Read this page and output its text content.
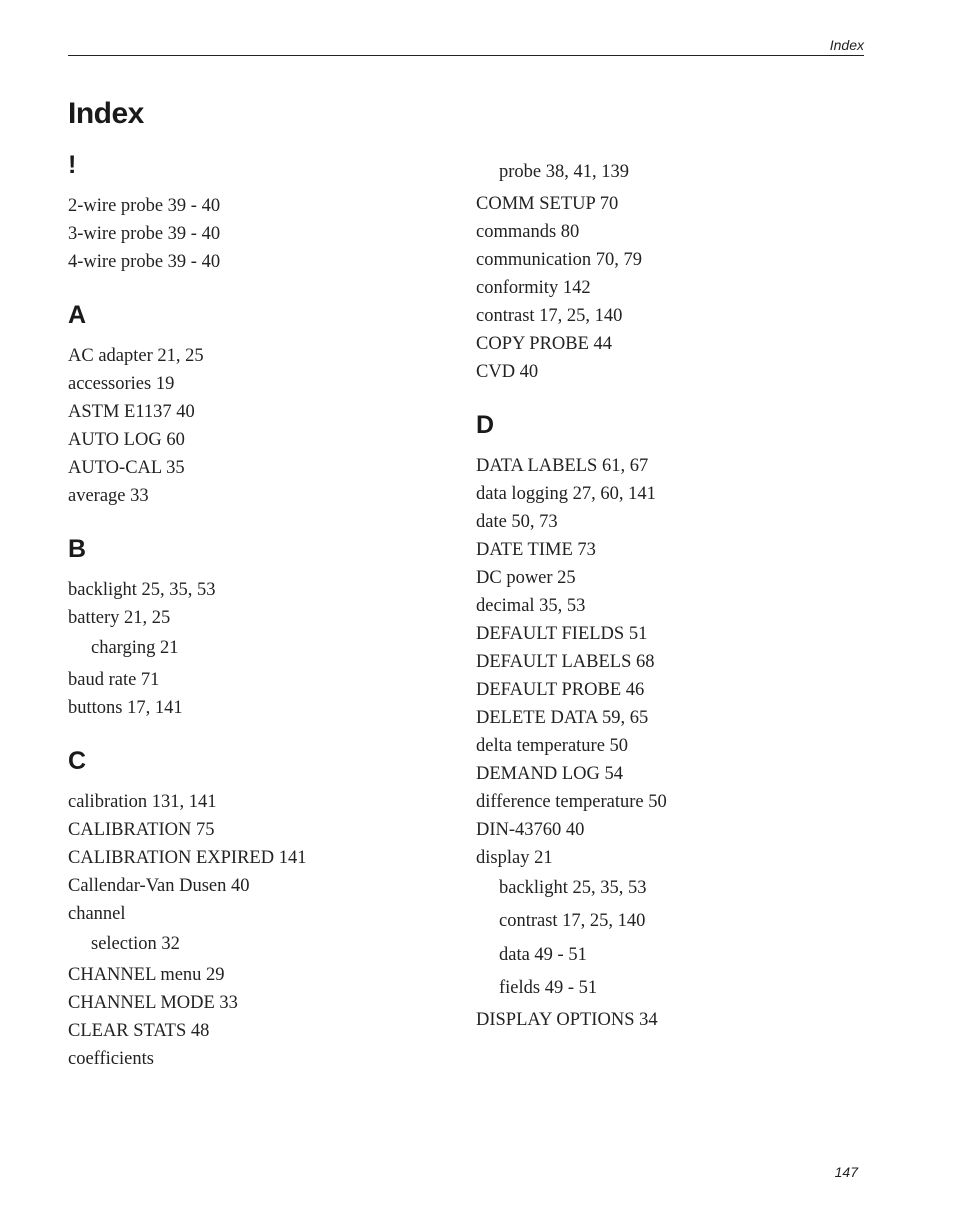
Index
Index
!
2-wire probe 39 - 40
3-wire probe 39 - 40
4-wire probe 39 - 40
A
AC adapter 21, 25
accessories 19
ASTM E1137 40
AUTO LOG 60
AUTO-CAL 35
average 33
B
backlight 25, 35, 53
battery 21, 25
charging 21
baud rate 71
buttons 17, 141
C
calibration 131, 141
CALIBRATION 75
CALIBRATION EXPIRED 141
Callendar-Van Dusen 40
channel
selection 32
CHANNEL menu 29
CHANNEL MODE 33
CLEAR STATS 48
coefficients
probe 38, 41, 139
COMM SETUP 70
commands 80
communication 70, 79
conformity 142
contrast 17, 25, 140
COPY PROBE 44
CVD 40
D
DATA LABELS 61, 67
data logging 27, 60, 141
date 50, 73
DATE TIME 73
DC power 25
decimal 35, 53
DEFAULT FIELDS 51
DEFAULT LABELS 68
DEFAULT PROBE 46
DELETE DATA 59, 65
delta temperature 50
DEMAND LOG 54
difference temperature 50
DIN-43760 40
display 21
backlight 25, 35, 53
contrast 17, 25, 140
data 49 - 51
fields 49 - 51
DISPLAY OPTIONS 34
147
